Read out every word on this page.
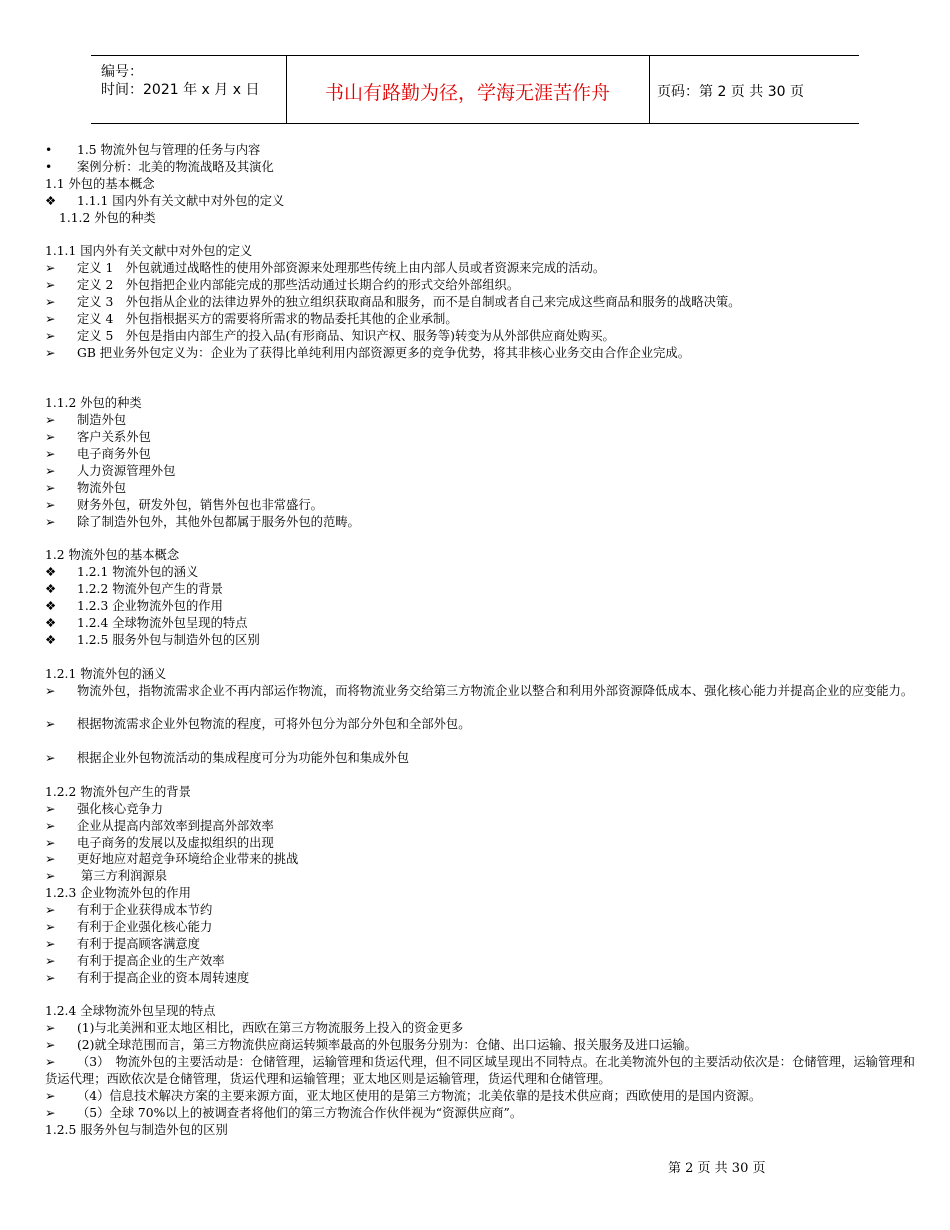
编号：
时间：2021 年 x 月 x 日	书山有路勤为径，学海无涯苦作舟	页码：第 2 页 共 30 页
• 1.5 物流外包与管理的任务与内容
• 案例分析：北美的物流战略及其演化
1.1 外包的基本概念
❖ 1.1.1 国内外有关文献中对外包的定义
1.1.2 外包的种类
1.1.1 国内外有关文献中对外包的定义
➢ 定义 1　外包就通过战略性的使用外部资源来处理那些传统上由内部人员或者资源来完成的活动。
➢ 定义 2　外包指把企业内部能完成的那些活动通过长期合约的形式交给外部组织。
➢ 定义 3　外包指从企业的法律边界外的独立组织获取商品和服务，而不是自制或者自己来完成这些商品和服务的战略决策。
➢ 定义 4　外包指根据买方的需要将所需求的物品委托其他的企业承制。
➢ 定义 5　外包是指由内部生产的投入品(有形商品、知识产权、服务等)转变为从外部供应商处购买。
➢ GB 把业务外包定义为：企业为了获得比单纯利用内部资源更多的竞争优势，将其非核心业务交由合作企业完成。
1.1.2 外包的种类
➢ 制造外包
➢ 客户关系外包
➢ 电子商务外包
➢ 人力资源管理外包
➢ 物流外包
➢ 财务外包，研发外包，销售外包也非常盛行。
➢ 除了制造外包外，其他外包都属于服务外包的范畴。
1.2 物流外包的基本概念
❖ 1.2.1 物流外包的涵义
❖ 1.2.2 物流外包产生的背景
❖ 1.2.3 企业物流外包的作用
❖ 1.2.4 全球物流外包呈现的特点
❖ 1.2.5 服务外包与制造外包的区别
1.2.1 物流外包的涵义
➢ 物流外包，指物流需求企业不再内部运作物流，而将物流业务交给第三方物流企业以整合和利用外部资源降低成本、强化核心能力并提高企业的应变能力。
➢ 根据物流需求企业外包物流的程度，可将外包分为部分外包和全部外包。
➢ 根据企业外包物流活动的集成程度可分为功能外包和集成外包
1.2.2 物流外包产生的背景
➢ 强化核心竞争力
➢ 企业从提高内部效率到提高外部效率
➢ 电子商务的发展以及虚拟组织的出现
➢ 更好地应对超竞争环境给企业带来的挑战
➢ 第三方利润源泉
1.2.3 企业物流外包的作用
➢ 有利于企业获得成本节约
➢ 有利于企业强化核心能力
➢ 有利于提高顾客满意度
➢ 有利于提高企业的生产效率
➢ 有利于提高企业的资本周转速度
1.2.4 全球物流外包呈现的特点
➢ (1)与北美洲和亚太地区相比，西欧在第三方物流服务上投入的资金更多
➢ (2)就全球范围而言，第三方物流供应商运转频率最高的外包服务分别为：仓储、出口运输、报关服务及进口运输。
➢ （3）　物流外包的主要活动是：仓储管理，运输管理和货运代理，但不同区域呈现出不同特点。在北美物流外包的主要活动依次是：仓储管理，运输管理和货运代理；西欧依次是仓储管理，货运代理和运输管理；亚太地区则是运输管理，货运代理和仓储管理。
➢ （4）信息技术解决方案的主要来源方面，亚太地区使用的是第三方物流；北美依靠的是技术供应商；西欧使用的是国内资源。
➢ （5）全球 70%以上的被调查者将他们的第三方物流合作伙伴视为“资源供应商”。
1.2.5 服务外包与制造外包的区别
第 2 页 共 30 页
